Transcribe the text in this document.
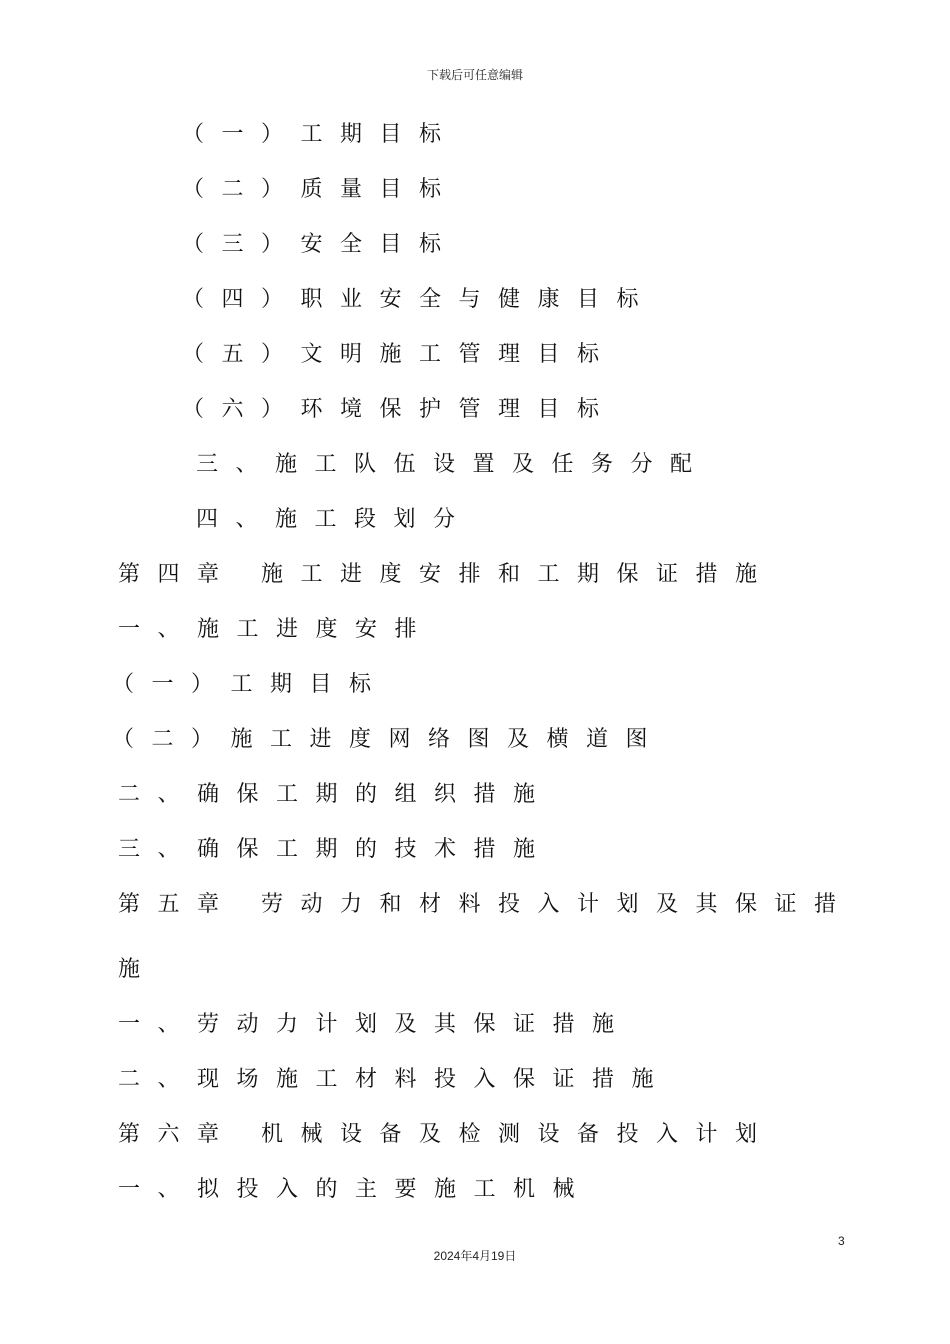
下载后可任意编辑
（一）工期目标
（二）质量目标
（三）安全目标
（四）职业安全与健康目标
（五）文明施工管理目标
（六）环境保护管理目标
三、施工队伍设置及任务分配
四、施工段划分
第四章 施工进度安排和工期保证措施
一、施工进度安排
（一）工期目标
（二）施工进度网络图及横道图
二、确保工期的组织措施
三、确保工期的技术措施
第五章 劳动力和材料投入计划及其保证措
施
一、劳动力计划及其保证措施
二、现场施工材料投入保证措施
第六章 机械设备及检测设备投入计划
一、拟投入的主要施工机械
3
2024年4月19日
